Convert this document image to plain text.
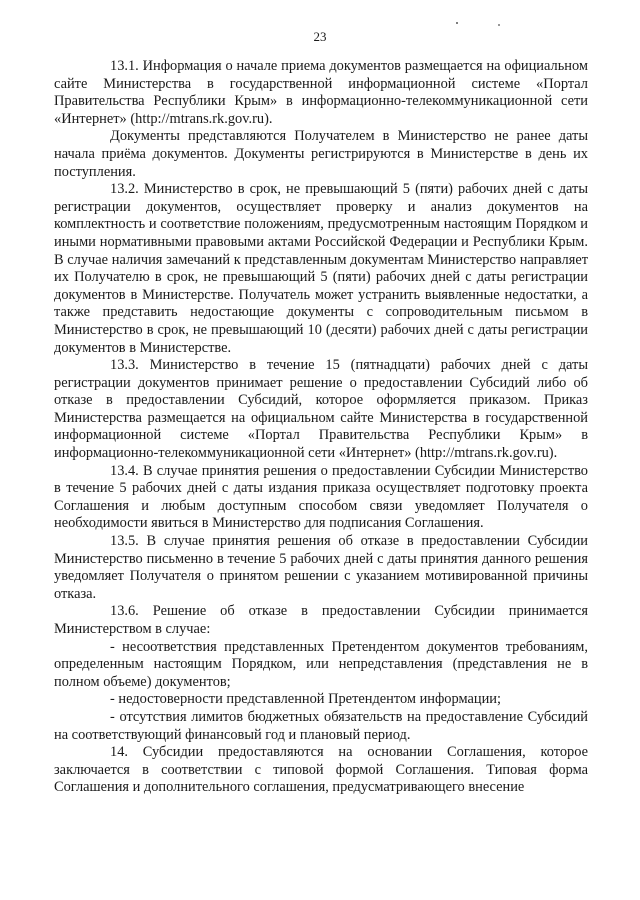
23

13.1. Информация о начале приема документов размещается на официальном сайте Министерства в государственной информационной системе «Портал Правительства Республики Крым» в информационно-телекоммуникационной сети «Интернет» (http://mtrans.rk.gov.ru).

Документы представляются Получателем в Министерство не ранее даты начала приёма документов. Документы регистрируются в Министерстве в день их поступления.

13.2. Министерство в срок, не превышающий 5 (пяти) рабочих дней с даты регистрации документов, осуществляет проверку и анализ документов на комплектность и соответствие положениям, предусмотренным настоящим Порядком и иными нормативными правовыми актами Российской Федерации и Республики Крым. В случае наличия замечаний к представленным документам Министерство направляет их Получателю в срок, не превышающий 5 (пяти) рабочих дней с даты регистрации документов в Министерстве. Получатель может устранить выявленные недостатки, а также представить недостающие документы с сопроводительным письмом в Министерство в срок, не превышающий 10 (десяти) рабочих дней с даты регистрации документов в Министерстве.

13.3. Министерство в течение 15 (пятнадцати) рабочих дней с даты регистрации документов принимает решение о предоставлении Субсидий либо об отказе в предоставлении Субсидий, которое оформляется приказом. Приказ Министерства размещается на официальном сайте Министерства в государственной информационной системе «Портал Правительства Республики Крым» в информационно-телекоммуникационной сети «Интернет» (http://mtrans.rk.gov.ru).

13.4. В случае принятия решения о предоставлении Субсидии Министерство в течение 5 рабочих дней с даты издания приказа осуществляет подготовку проекта Соглашения и любым доступным способом связи уведомляет Получателя о необходимости явиться в Министерство для подписания Соглашения.

13.5. В случае принятия решения об отказе в предоставлении Субсидии Министерство письменно в течение 5 рабочих дней с даты принятия данного решения уведомляет Получателя о принятом решении с указанием мотивированной причины отказа.

13.6. Решение об отказе в предоставлении Субсидии принимается Министерством в случае:

- несоответствия представленных Претендентом документов требованиям, определенным настоящим Порядком, или непредставления (представления не в полном объеме) документов;

- недостоверности представленной Претендентом информации;

- отсутствия лимитов бюджетных обязательств на предоставление Субсидий на соответствующий финансовый год и плановый период.

14. Субсидии предоставляются на основании Соглашения, которое заключается в соответствии с типовой формой Соглашения. Типовая форма Соглашения и дополнительного соглашения, предусматривающего внесение
